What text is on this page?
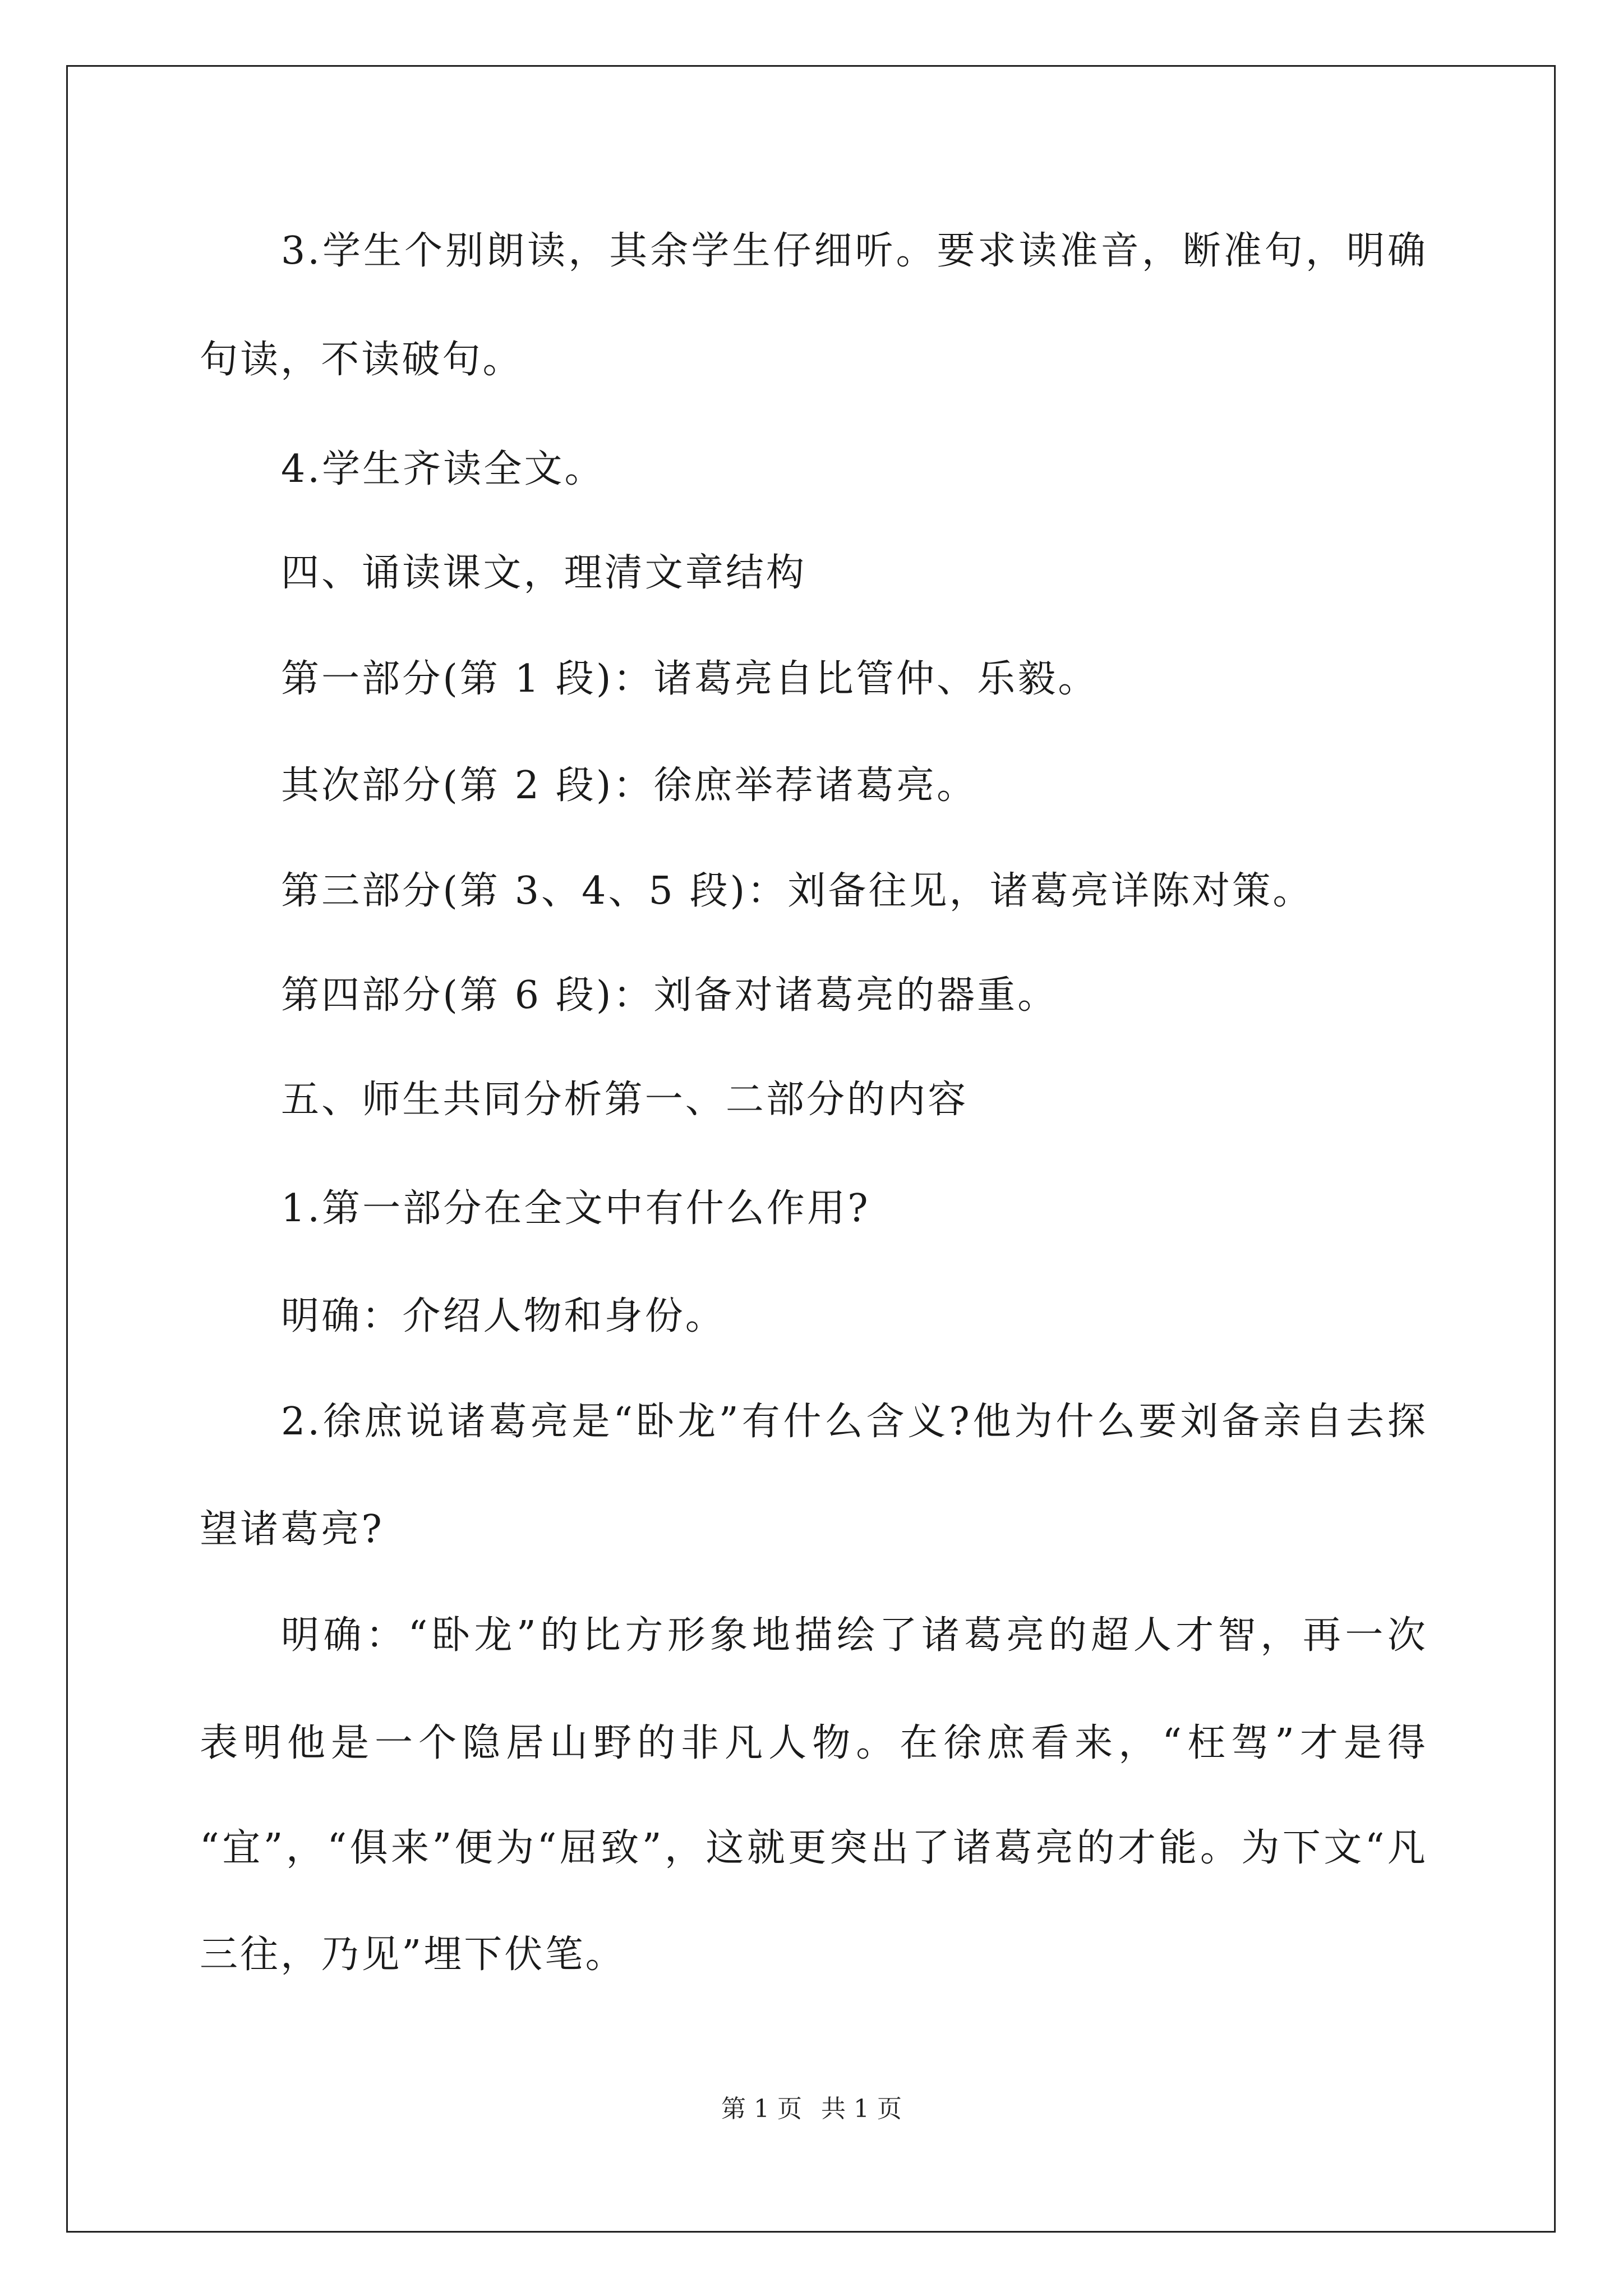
3.学生个别朗读，其余学生仔细听。要求读准音，断准句，明确
句读，不读破句。
4.学生齐读全文。
四、诵读课文，理清文章结构
第一部分(第 1 段)：诸葛亮自比管仲、乐毅。
其次部分(第 2 段)：徐庶举荐诸葛亮。
第三部分(第 3、4、5 段)：刘备往见，诸葛亮详陈对策。
第四部分(第 6 段)：刘备对诸葛亮的器重。
五、师生共同分析第一、二部分的内容
1.第一部分在全文中有什么作用?
明确：介绍人物和身份。
2.徐庶说诸葛亮是“卧龙”有什么含义?他为什么要刘备亲自去探
望诸葛亮?
明确：“卧龙”的比方形象地描绘了诸葛亮的超人才智，再一次
表明他是一个隐居山野的非凡人物。在徐庶看来，“枉驾”才是得
“宜”，“俱来”便为“屈致”，这就更突出了诸葛亮的才能。为下文“凡
三往，乃见”埋下伏笔。
第 1 页 共 1 页
